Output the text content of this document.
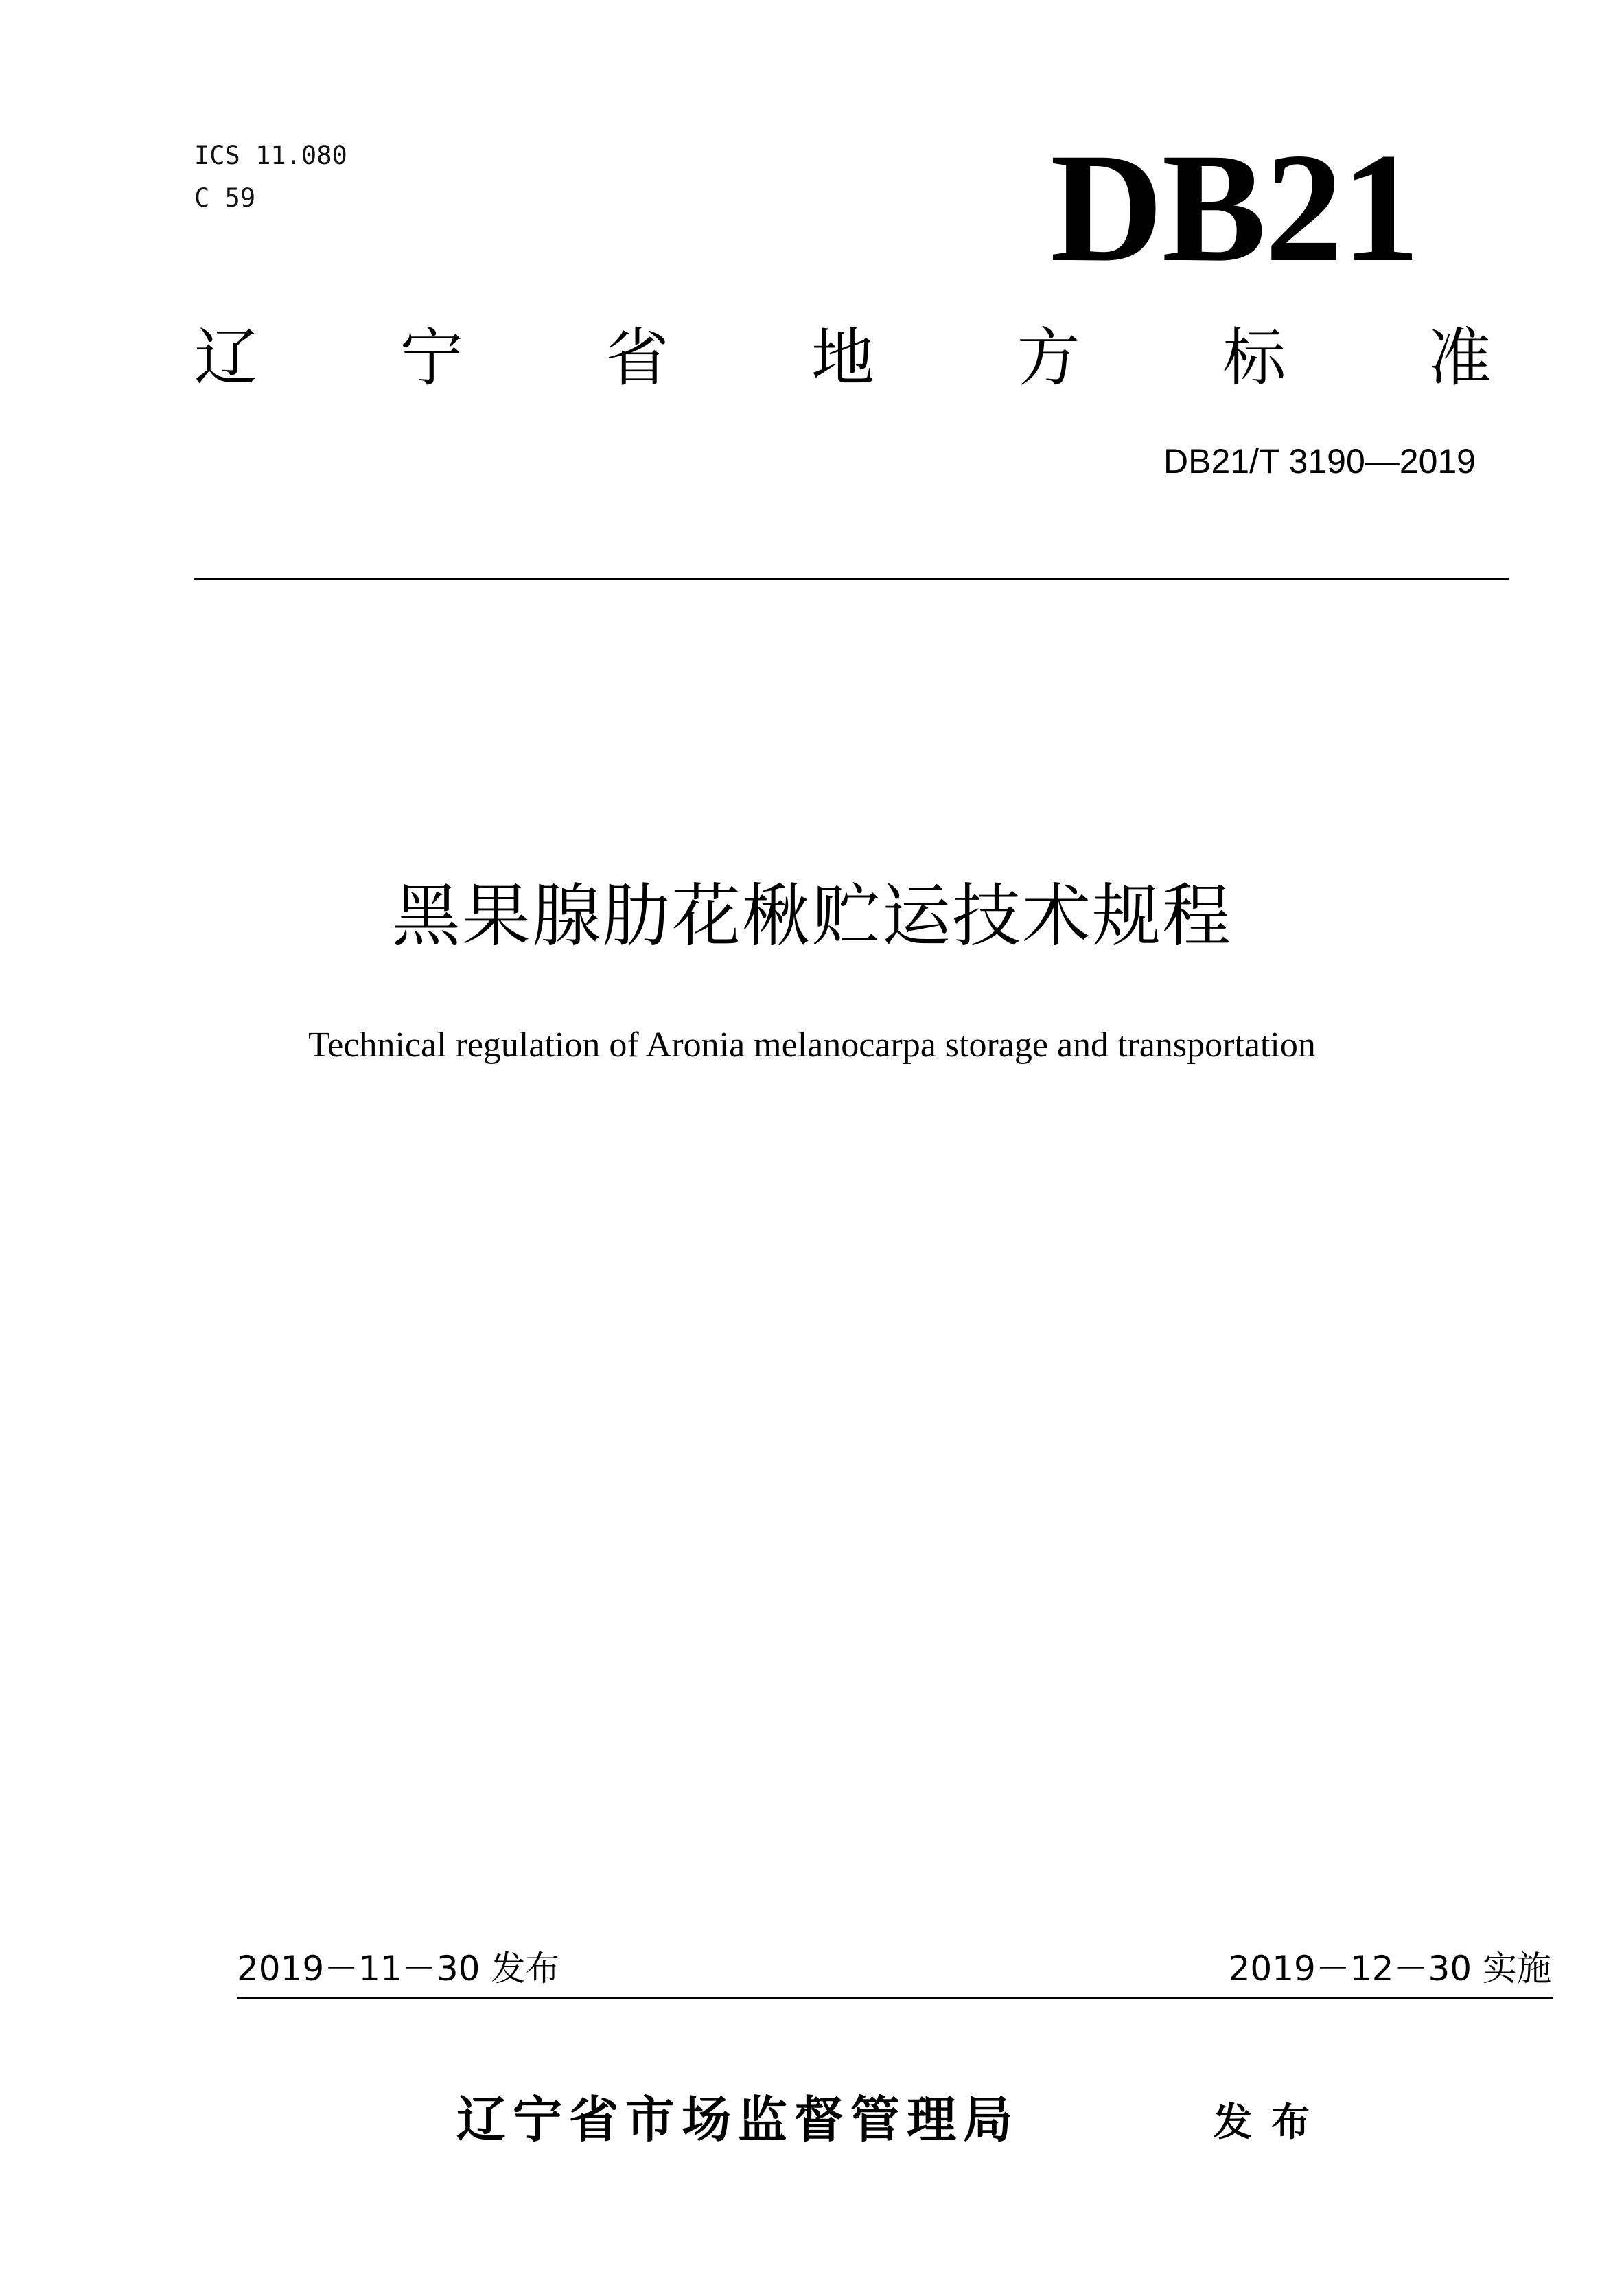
ICS 11.080
C 59	DB21
辽 宁 省 地 方 标 准
DB21/T 3190—2019
黑果腺肋花楸贮运技术规程
Technical regulation of Aronia melanocarpa storage and transportation
2019－11－30 发布	2019－12－30 实施
辽宁省市场监督管理局	发布
